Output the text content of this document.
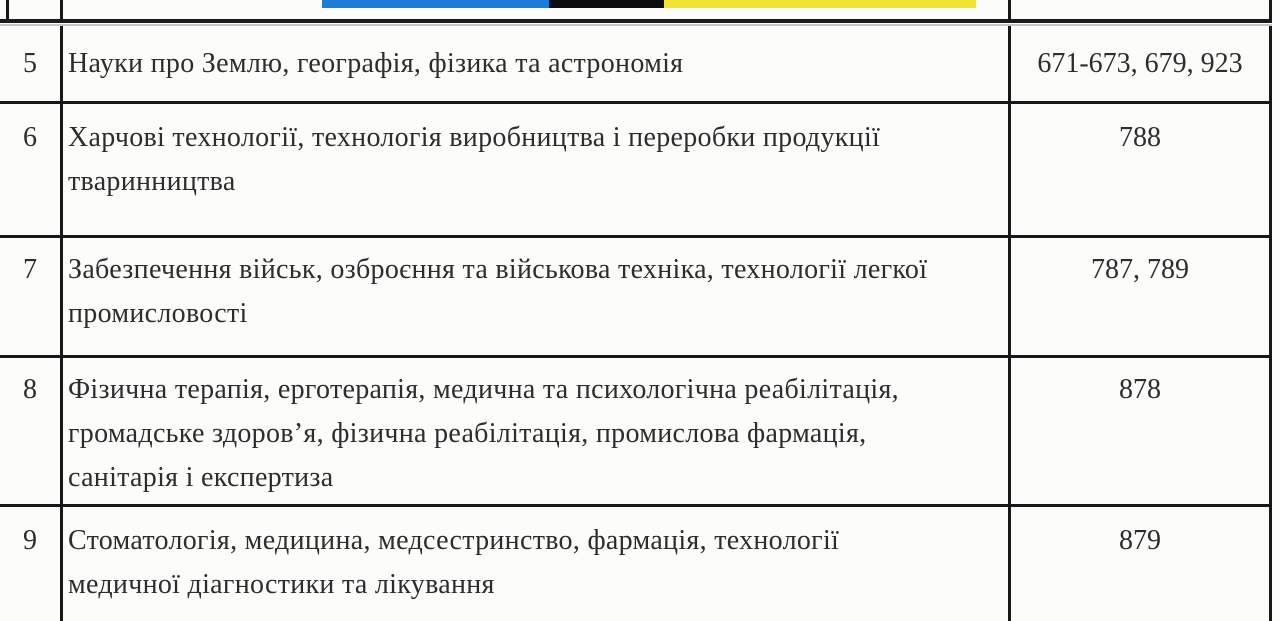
5 Науки про Землю, географія, фізика та астрономія	671-673, 679, 923
6 Харчові технології, технологія виробництва і переробки продукції
тваринництва
788
7 Забезпечення військ, озброєння та військова техніка, технології легкої
промисловості
787, 789
8 Фізична терапія, ерготерапія, медична та психологічна реабілітація,
громадське здоров’я, фізична реабілітація, промислова фармація,
санітарія і експертиза
878
9 Стоматологія, медицина, медсестринство, фармація, технології
медичної діагностики та лікування
879
